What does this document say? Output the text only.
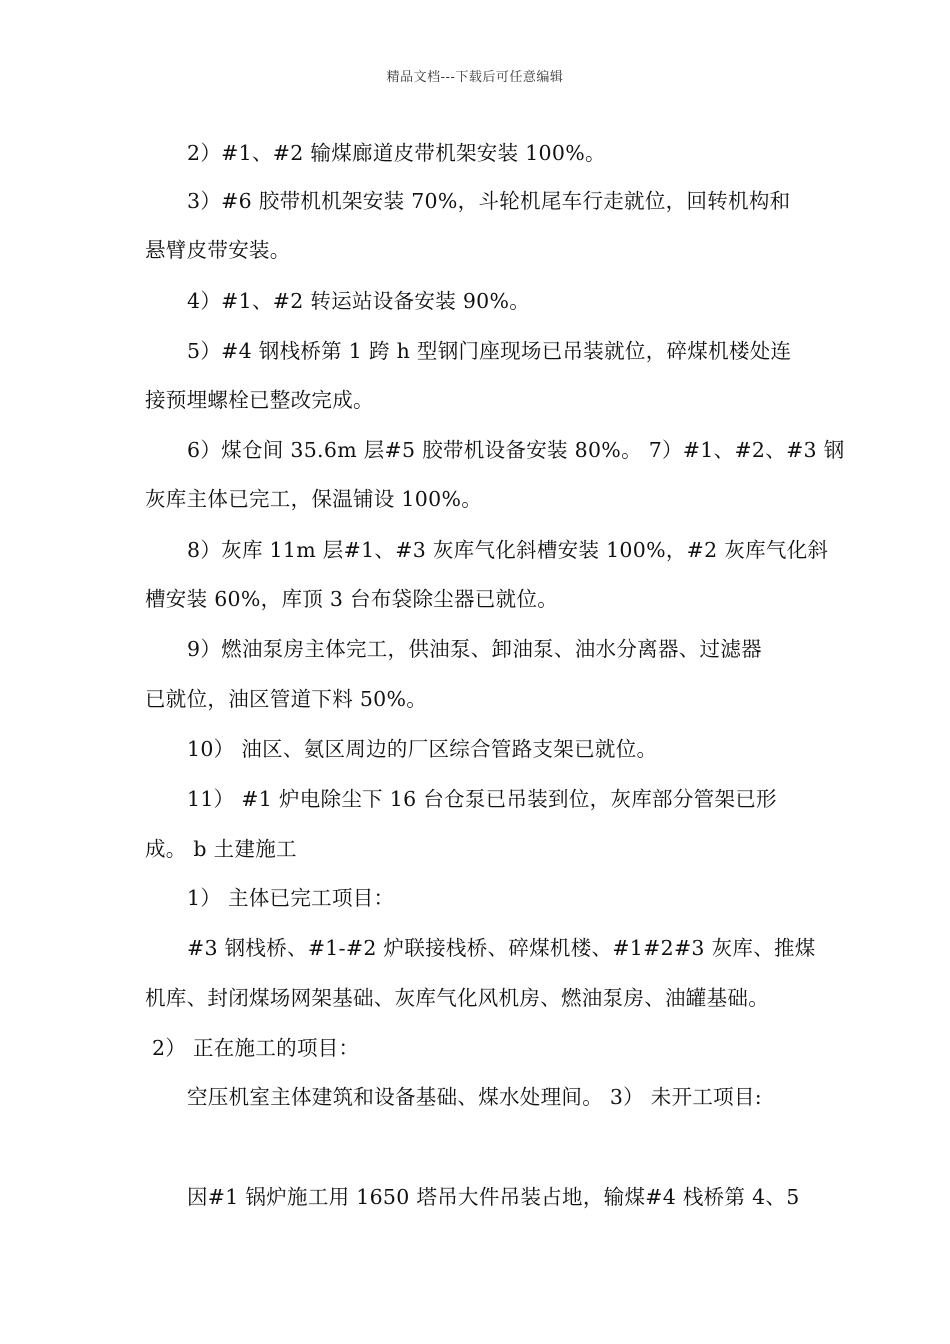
精品文档---下载后可任意编辑
2）#1、#2 输煤廊道皮带机架安装 100%。
3）#6 胶带机机架安装 70%，斗轮机尾车行走就位，回转机构和
悬臂皮带安装。
4）#1、#2 转运站设备安装 90%。
5）#4 钢栈桥第 1 跨 h 型钢门座现场已吊装就位，碎煤机楼处连
接预埋螺栓已整改完成。
6）煤仓间 35.6m 层#5 胶带机设备安装 80%。 7）#1、#2、#3 钢
灰库主体已完工，保温铺设 100%。
8）灰库 11m 层#1、#3 灰库气化斜槽安装 100%，#2 灰库气化斜
槽安装 60%，库顶 3 台布袋除尘器已就位。
9）燃油泵房主体完工，供油泵、卸油泵、油水分离器、过滤器
已就位，油区管道下料 50%。
10） 油区、氨区周边的厂区综合管路支架已就位。
11） #1 炉电除尘下 16 台仓泵已吊装到位，灰库部分管架已形
成。 b 土建施工
1） 主体已完工项目：
#3 钢栈桥、#1-#2 炉联接栈桥、碎煤机楼、#1#2#3 灰库、推煤
机库、封闭煤场网架基础、灰库气化风机房、燃油泵房、油罐基础。
2） 正在施工的项目：
空压机室主体建筑和设备基础、煤水处理间。 3） 未开工项目:
因#1 锅炉施工用 1650 塔吊大件吊装占地，输煤#4 栈桥第 4、5
